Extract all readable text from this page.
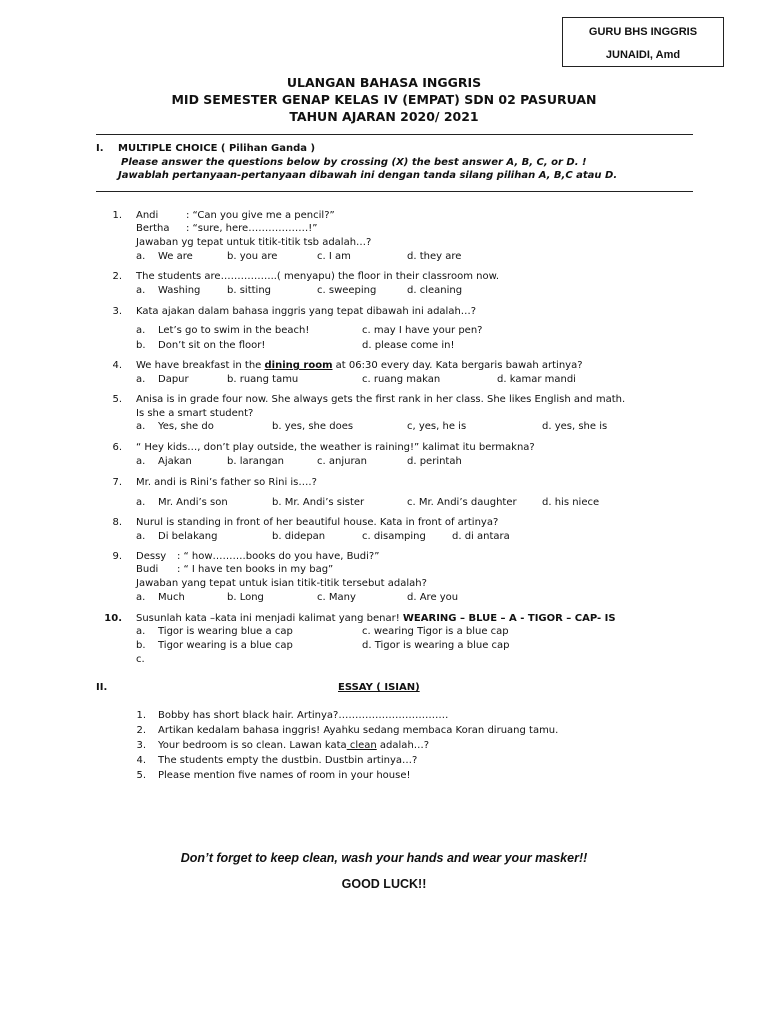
GURU BHS INGGRIS
JUNAIDI, Amd
ULANGAN BAHASA INGGRIS
MID SEMESTER GENAP KELAS IV (EMPAT) SDN 02 PASURUAN
TAHUN AJARAN 2020/ 2021
I. MULTIPLE CHOICE ( Pilihan Ganda )
Please answer the questions below by crossing (X) the best answer A, B, C, or D. !
Jawablah pertanyaan-pertanyaan dibawah ini dengan tanda silang pilihan A, B,C atau D.
1. Andi	: “Can you give me a pencil?”
Bertha : “sure, here………………!”
Jawaban yg tepat untuk titik-titik tsb adalah…?
a. We are	b. you are	c. I am	d. they are
2. The students are……………..( menyapu) the floor in their classroom now.
a. Washing	b. sitting	c. sweeping	d. cleaning
3. Kata ajakan dalam bahasa inggris yang tepat dibawah ini adalah…?
a. Let’s go to swim in the beach!	c. may I have your pen?
b. Don’t sit on the floor!	d. please come in!
4. We have breakfast in the dining room at 06:30 every day. Kata bergaris bawah artinya?
a. Dapur	b. ruang tamu	c. ruang makan	d. kamar mandi
5. Anisa is in grade four now. She always gets the first rank in her class. She likes English and math.
Is she a smart student?
a. Yes, she do	b. yes, she does	c, yes, he is	d. yes, she is
6. “ Hey kids…, don’t play outside, the weather is raining!” kalimat itu bermakna?
a. Ajakan	b. larangan	c. anjuran	d. perintah
7. Mr. andi is Rini’s father so Rini is….?
a. Mr. Andi’s son	b. Mr. Andi’s sister	c. Mr. Andi’s daughter	d. his niece
8. Nurul is standing in front of her beautiful house. Kata in front of artinya?
a. Di belakang	b. didepan	c. disamping	d. di antara
9. Dessy : “ how……….books do you have, Budi?”
Budi : “ I have ten books in my bag”
Jawaban yang tepat untuk isian titik-titik tersebut adalah?
a. Much	b. Long	c. Many	d. Are you
10. Susunlah kata –kata ini menjadi kalimat yang benar! WEARING – BLUE – A - TIGOR – CAP- IS
a. Tigor is wearing blue a cap	c. wearing Tigor is a blue cap
b. Tigor wearing is a blue cap	d. Tigor is wearing a blue cap
c.
II.	ESSAY ( ISIAN)
1. Bobby has short black hair. Artinya?……………………………
2. Artikan kedalam bahasa inggris! Ayahku sedang membaca Koran diruang tamu.
3. Your bedroom is so clean. Lawan kata clean adalah…?
4. The students empty the dustbin. Dustbin artinya…?
5. Please mention five names of room in your house!
Don’t forget to keep clean, wash your hands and wear your masker!!
GOOD LUCK!!
